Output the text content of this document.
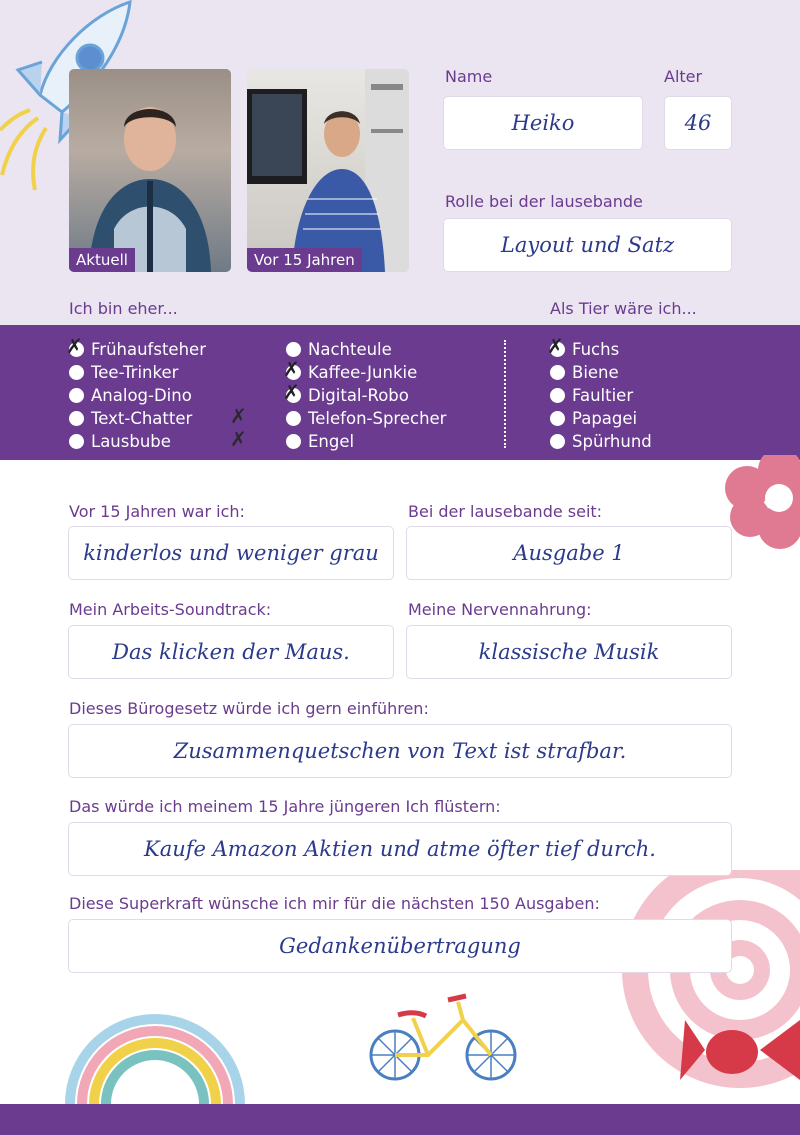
Aktuell	Vor 15 Jahren
Name	Alter
Heiko	46
Rolle bei der lausebande
Layout und Satz
Ich bin eher...	Als Tier wäre ich...
✗ Frühaufsteher
Tee-Trinker
Analog-Dino
Text-Chatter
Lausbube
✗
✗
Nachteule
✗ Kaffee-Junkie
✗ Digital-Robo
Telefon-Sprecher
Engel
✗ Fuchs
Biene
Faultier
Papagei
Spürhund
Vor 15 Jahren war ich:	Bei der lausebande seit:
kinderlos und weniger grau	Ausgabe 1
Mein Arbeits-Soundtrack:	Meine Nervennahrung:
Das klicken der Maus.	klassische Musik
Dieses Bürogesetz würde ich gern einführen:
Zusammenquetschen von Text ist strafbar.
Das würde ich meinem 15 Jahre jüngeren Ich flüstern:
Kaufe Amazon Aktien und atme öfter tief durch.
Diese Superkraft wünsche ich mir für die nächsten 150 Ausgaben:
Gedankenübertragung
